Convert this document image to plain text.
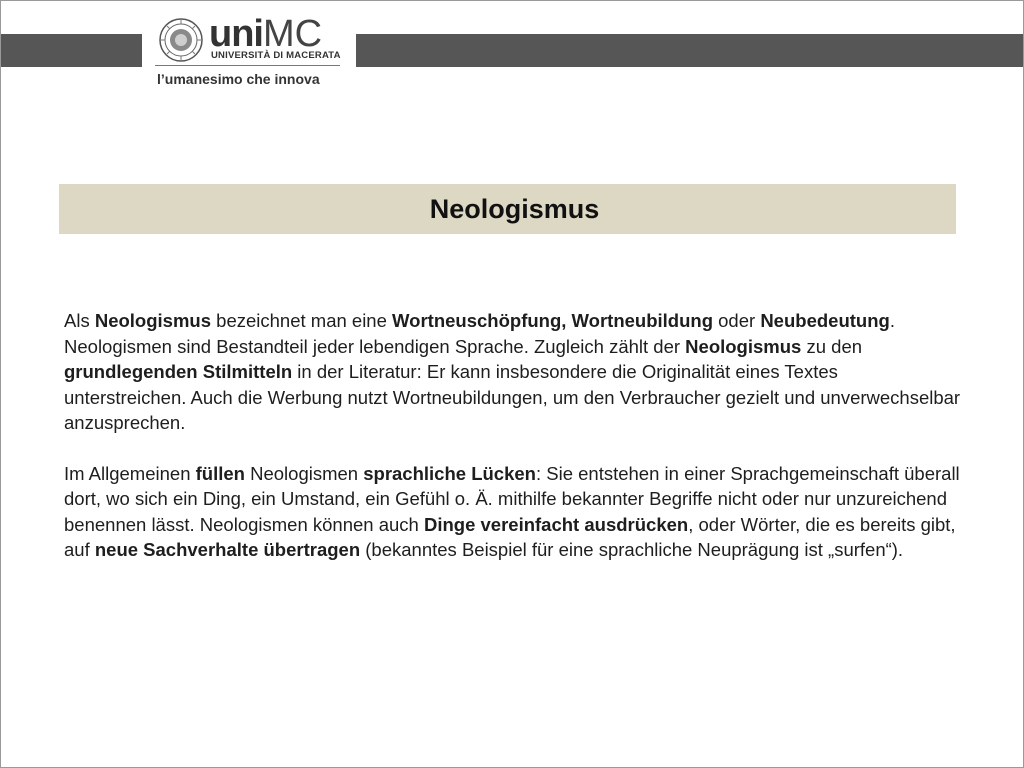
uniMC
UNIVERSITÀ DI MACERATA
l’umanesimo che innova
Neologismus

Als Neologismus bezeichnet man eine Wortneuschöpfung, Wortneubildung oder Neubedeutung. Neologismen sind Bestandteil jeder lebendigen Sprache. Zugleich zählt der Neologismus zu den grundlegenden Stilmitteln in der Literatur: Er kann insbesondere die Originalität eines Textes unterstreichen. Auch die Werbung nutzt Wortneubildungen, um den Verbraucher gezielt und unverwechselbar anzusprechen.

Im Allgemeinen füllen Neologismen sprachliche Lücken: Sie entstehen in einer Sprachgemeinschaft überall dort, wo sich ein Ding, ein Umstand, ein Gefühl o. Ä. mithilfe bekannter Begriffe nicht oder nur unzureichend benennen lässt. Neologismen können auch Dinge vereinfacht ausdrücken, oder Wörter, die es bereits gibt, auf neue Sachverhalte übertragen (bekanntes Beispiel für eine sprachliche Neuprägung ist „surfen“).
